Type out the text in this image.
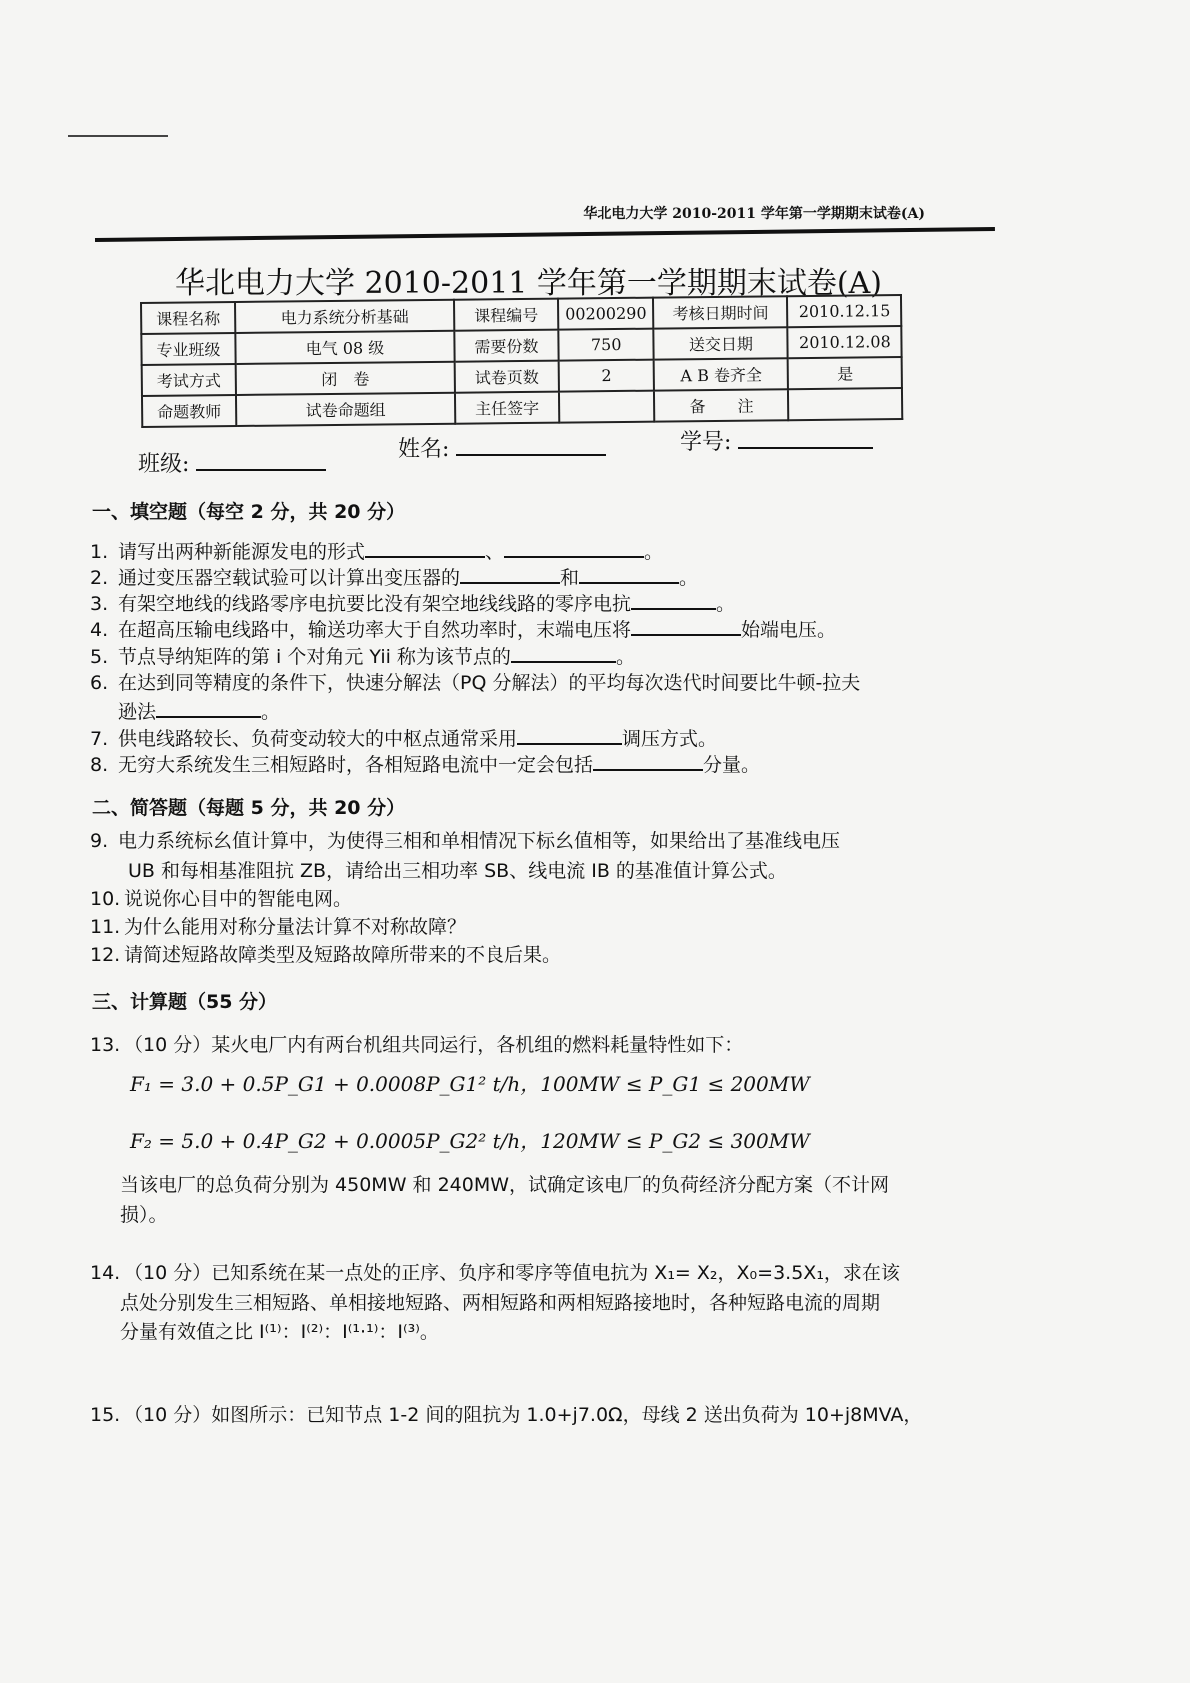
华北电力大学 2010-2011 学年第一学期期末试卷(A)
华北电力大学 2010-2011 学年第一学期期末试卷(A)
课程名称	电力系统分析基础	课程编号	00200290	考核日期时间	2010.12.15
专业班级	电气 08 级	需要份数	750	送交日期	2010.12.08
考试方式	闭　卷	试卷页数	2	A B 卷齐全	是
命题教师	试卷命题组	主任签字		备　　注	
班级:
姓名:	学号:
一、填空题（每空 2 分，共 20 分）
1. 请写出两种新能源发电的形式	、	。
2. 通过变压器空载试验可以计算出变压器的	和	。
3. 有架空地线的线路零序电抗要比没有架空地线线路的零序电抗	。
4. 在超高压输电线路中，输送功率大于自然功率时，末端电压将	始端电压。
5. 节点导纳矩阵的第 i 个对角元 Yii 称为该节点的	。
6. 在达到同等精度的条件下，快速分解法（PQ 分解法）的平均每次迭代时间要比牛顿-拉夫
逊法	。
7. 供电线路较长、负荷变动较大的中枢点通常采用	调压方式。
8. 无穷大系统发生三相短路时，各相短路电流中一定会包括	分量。
二、简答题（每题 5 分，共 20 分）
9. 电力系统标幺值计算中，为使得三相和单相情况下标幺值相等，如果给出了基准线电压
UB 和每相基准阻抗 ZB，请给出三相功率 SB、线电流 IB 的基准值计算公式。
10. 说说你心目中的智能电网。
11. 为什么能用对称分量法计算不对称故障？
12. 请简述短路故障类型及短路故障所带来的不良后果。
三、计算题（55 分）
13. （10 分）某火电厂内有两台机组共同运行，各机组的燃料耗量特性如下：
F₁ = 3.0 + 0.5P_G1 + 0.0008P_G1² t/h，100MW ≤ P_G1 ≤ 200MW
F₂ = 5.0 + 0.4P_G2 + 0.0005P_G2² t/h，120MW ≤ P_G2 ≤ 300MW
当该电厂的总负荷分别为 450MW 和 240MW，试确定该电厂的负荷经济分配方案（不计网
损）。
14. （10 分）已知系统在某一点处的正序、负序和零序等值电抗为 X₁= X₂，X₀=3.5X₁，求在该
点处分别发生三相短路、单相接地短路、两相短路和两相短路接地时，各种短路电流的周期
分量有效值之比 I⁽¹⁾：I⁽²⁾：I⁽¹·¹⁾：I⁽³⁾。
15. （10 分）如图所示：已知节点 1-2 间的阻抗为 1.0+j7.0Ω，母线 2 送出负荷为 10+j8MVA，
